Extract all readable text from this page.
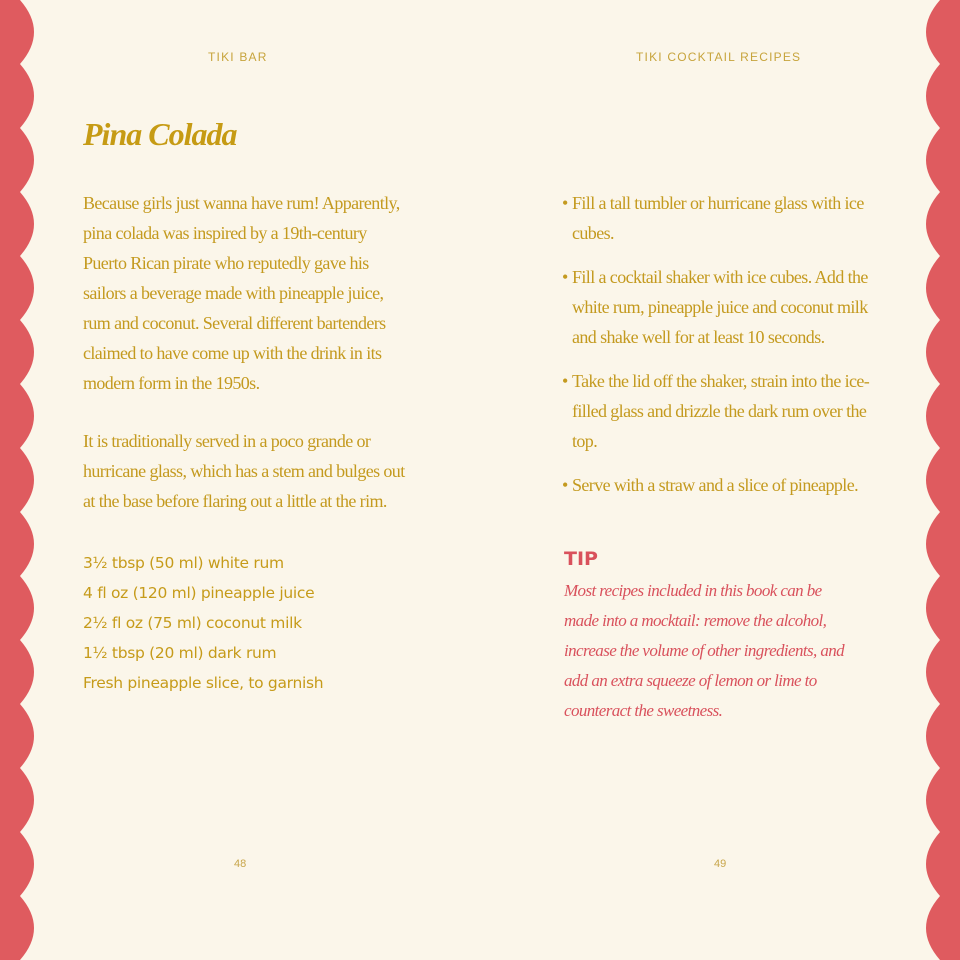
TIKI BAR
Pina Colada

Because girls just wanna have rum! Apparently, pina colada was inspired by a 19th-century Puerto Rican pirate who reputedly gave his sailors a beverage made with pineapple juice, rum and coconut. Several different bartenders claimed to have come up with the drink in its modern form in the 1950s.

It is traditionally served in a poco grande or hurricane glass, which has a stem and bulges out at the base before flaring out a little at the rim.

3½ tbsp (50 ml) white rum
4 fl oz (120 ml) pineapple juice
2½ fl oz (75 ml) coconut milk
1½ tbsp (20 ml) dark rum
Fresh pineapple slice, to garnish
48
TIKI COCKTAIL RECIPES
• Fill a tall tumbler or hurricane glass with ice cubes.
• Fill a cocktail shaker with ice cubes. Add the white rum, pineapple juice and coconut milk and shake well for at least 10 seconds.
• Take the lid off the shaker, strain into the ice-filled glass and drizzle the dark rum over the top.
• Serve with a straw and a slice of pineapple.
TIP

Most recipes included in this book can be made into a mocktail: remove the alcohol, increase the volume of other ingredients, and add an extra squeeze of lemon or lime to counteract the sweetness.

49
